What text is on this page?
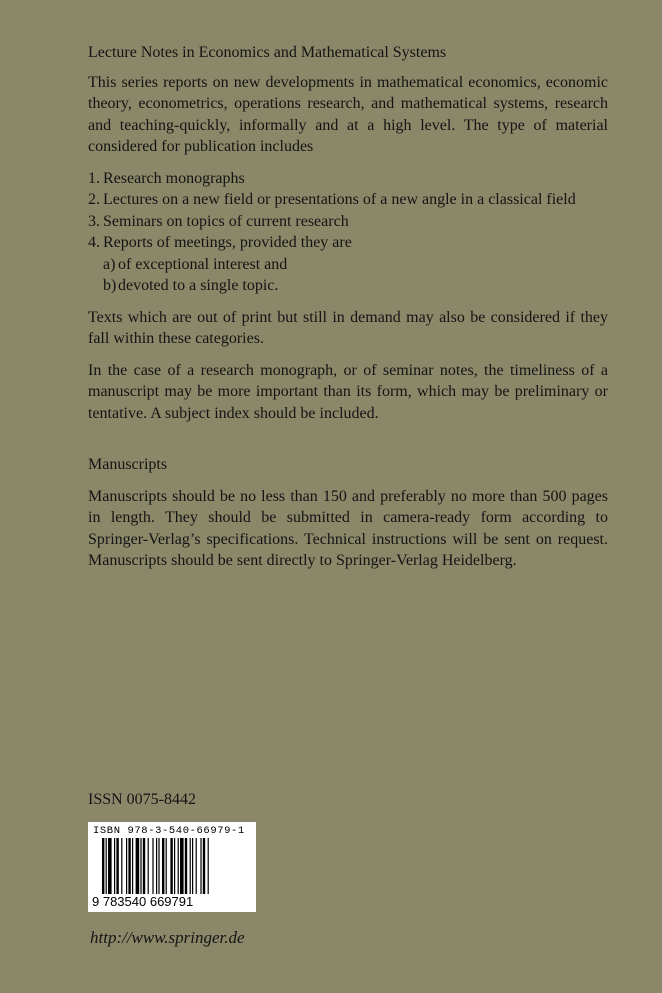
Lecture Notes in Economics and Mathematical Systems

This series reports on new developments in mathematical economics, economic theory, econometrics, operations research, and mathematical systems, research and teaching-quickly, informally and at a high level. The type of material considered for publication includes

1. Research monographs
2. Lectures on a new field or presentations of a new angle in a classical field
3. Seminars on topics of current research
4. Reports of meetings, provided they are
a) of exceptional interest and
b) devoted to a single topic.

Texts which are out of print but still in demand may also be considered if they fall within these categories.

In the case of a research monograph, or of seminar notes, the timeliness of a manuscript may be more important than its form, which may be preliminary or tentative. A subject index should be included.

Manuscripts

Manuscripts should be no less than 150 and preferably no more than 500 pages in length. They should be submitted in camera-ready form according to Springer-Verlag’s specifications. Technical instructions will be sent on request. Manuscripts should be sent directly to Springer-Verlag Heidelberg.

ISSN 0075-8442
ISBN 978-3-540-66979-1
9 783540 669791
http://www.springer.de
